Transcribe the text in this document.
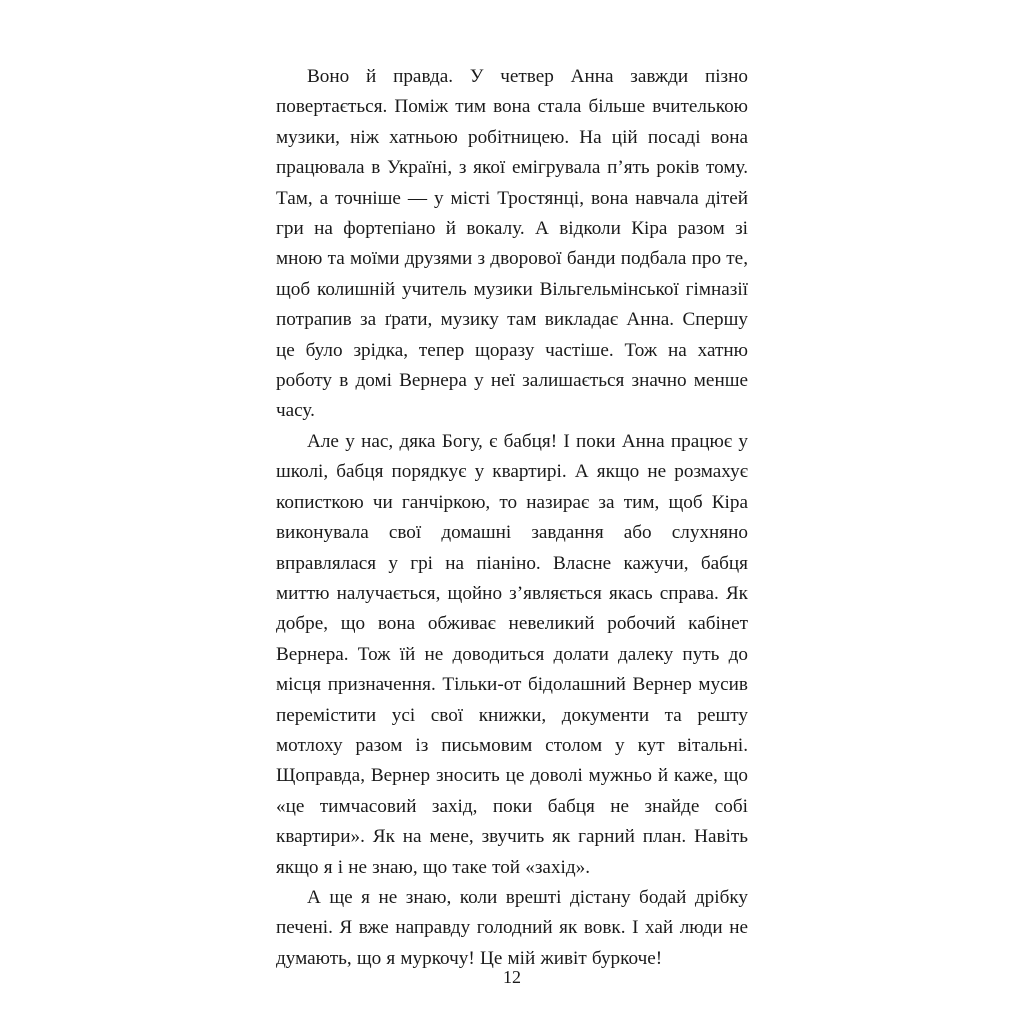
Воно й правда. У четвер Анна завжди пізно повертається. Поміж тим вона стала більше вчителькою музики, ніж хатньою робітницею. На цій посаді вона працювала в Україні, з якої емігрувала п’ять років тому. Там, а точніше — у місті Тростянці, вона навчала дітей гри на фортепіано й вокалу. А відколи Кіра разом зі мною та моїми друзями з дворової банди подбала про те, щоб колишній учитель музики Вільгельмінської гімназії потрапив за ґрати, музику там викладає Анна. Спершу це було зрідка, тепер щоразу частіше. Тож на хатню роботу в домі Вернера у неї залишається значно менше часу.

Але у нас, дяка Богу, є бабця! І поки Анна працює у школі, бабця порядкує у квартирі. А якщо не розмахує кописткою чи ганчіркою, то назирає за тим, щоб Кіра виконувала свої домашні завдання або слухняно вправлялася у грі на піаніно. Власне кажучи, бабця миттю налучається, щойно з’являється якась справа. Як добре, що вона обживає невеликий робочий кабінет Вернера. Тож їй не доводиться долати далеку путь до місця призначення. Тільки-от бідолашний Вернер мусив перемістити усі свої книжки, документи та решту мотлоху разом із письмовим столом у кут вітальні. Щоправда, Вернер зносить це доволі мужньо й каже, що «це тимчасовий захід, поки бабця не знайде собі квартири». Як на мене, звучить як гарний план. Навіть якщо я і не знаю, що таке той «захід».

А ще я не знаю, коли врешті дістану бодай дрібку печені. Я вже направду голодний як вовк. І хай люди не думають, що я муркочу! Це мій живіт буркоче!

12
